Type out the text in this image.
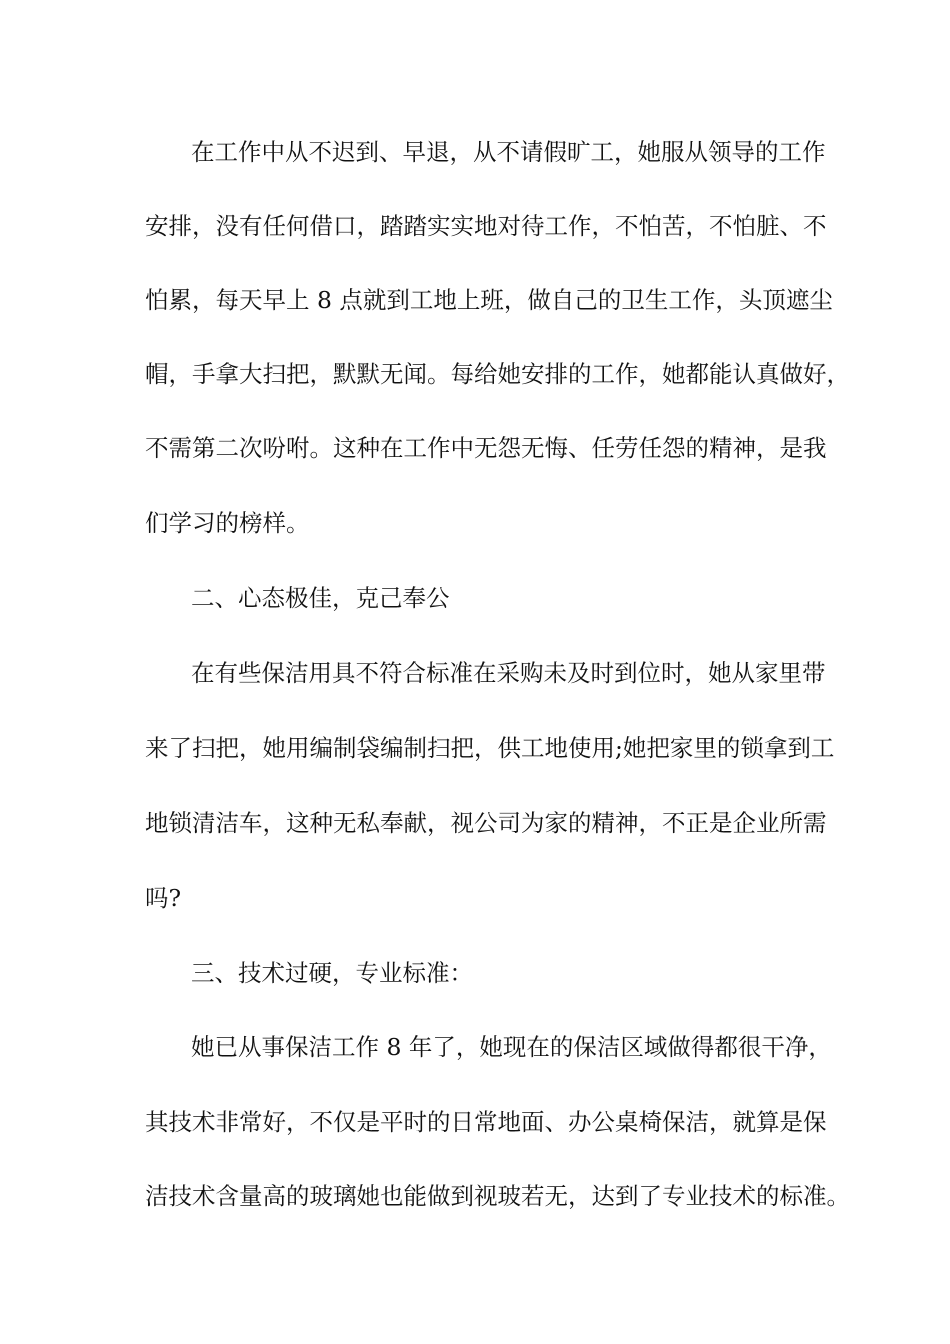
在工作中从不迟到、早退，从不请假旷工，她服从领导的工作
安排，没有任何借口，踏踏实实地对待工作，不怕苦，不怕脏、不
怕累，每天早上 8 点就到工地上班，做自己的卫生工作，头顶遮尘
帽，手拿大扫把，默默无闻。每给她安排的工作，她都能认真做好，
不需第二次吩咐。这种在工作中无怨无悔、任劳任怨的精神，是我
们学习的榜样。
二、心态极佳，克己奉公
在有些保洁用具不符合标准在采购未及时到位时，她从家里带
来了扫把，她用编制袋编制扫把，供工地使用;她把家里的锁拿到工
地锁清洁车，这种无私奉献，视公司为家的精神，不正是企业所需
吗?
三、技术过硬，专业标准：
她已从事保洁工作 8 年了，她现在的保洁区域做得都很干净，
其技术非常好，不仅是平时的日常地面、办公桌椅保洁，就算是保
洁技术含量高的玻璃她也能做到视玻若无，达到了专业技术的标准。
